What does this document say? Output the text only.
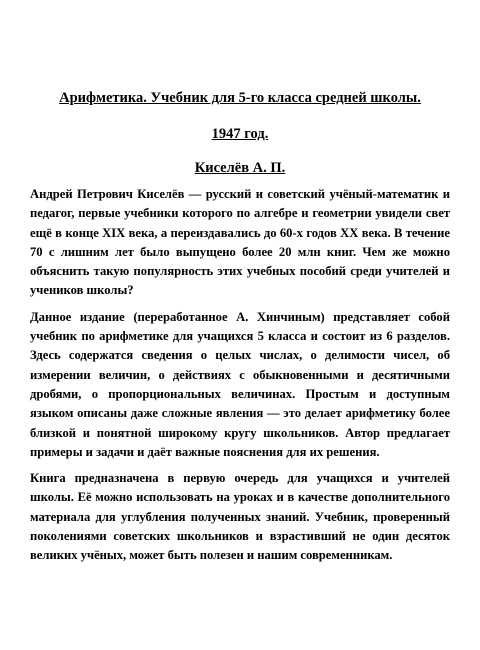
Арифметика. Учебник для 5-го класса средней школы.
1947 год.
Киселёв А. П.

Андрей Петрович Киселёв — русский и советский учёный-математик и педагог, первые учебники которого по алгебре и геометрии увидели свет ещё в конце XIX века, а переиздавались до 60-х годов XX века. В течение 70 с лишним лет было выпущено более 20 млн книг. Чем же можно объяснить такую популярность этих учебных пособий среди учителей и учеников школы?

Данное издание (переработанное А. Хинчиным) представляет собой учебник по арифметике для учащихся 5 класса и состоит из 6 разделов. Здесь содержатся сведения о целых числах, о делимости чисел, об измерении величин, о действиях с обыкновенными и десятичными дробями, о пропорциональных величинах. Простым и доступным языком описаны даже сложные явления — это делает арифметику более близкой и понятной широкому кругу школьников. Автор предлагает примеры и задачи и даёт важные пояснения для их решения.

Книга предназначена в первую очередь для учащихся и учителей школы. Её можно использовать на уроках и в качестве дополнительного материала для углубления полученных знаний. Учебник, проверенный поколениями советских школьников и взрастивший не один десяток великих учёных, может быть полезен и нашим современникам.
